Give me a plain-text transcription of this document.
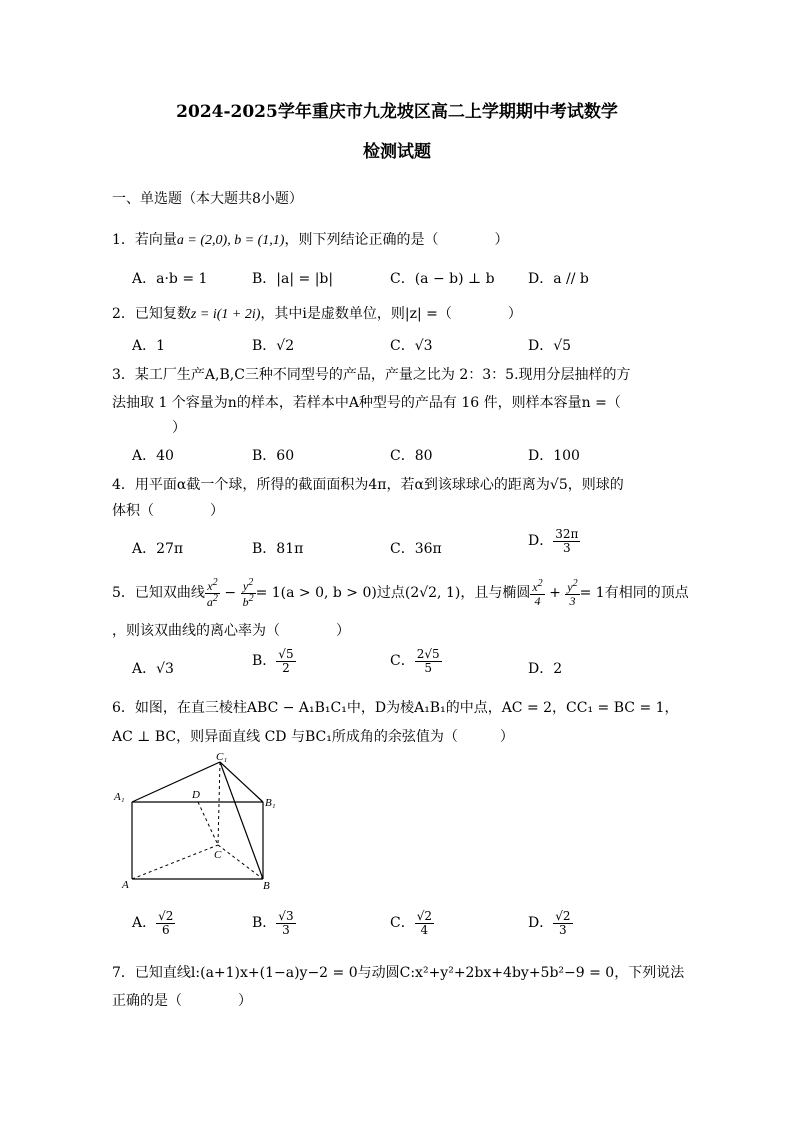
2024-2025学年重庆市九龙坡区高二上学期期中考试数学
检测试题
一、单选题（本大题共8小题）
1．若向量a = (2,0), b = (1,1)，则下列结论正确的是（　　　　）
A．a·b = 1	B．|a| = |b|	C．(a − b) ⊥ b D．a // b
2．已知复数z = i(1 + 2i)，其中i是虚数单位，则|z| =（　　　　）
A．1	B．√2	C．√3	D．√5
3．某工厂生产A,B,C三种不同型号的产品，产量之比为 2：3：5.现用分层抽样的方
法抽取 1 个容量为n的样本，若样本中A种型号的产品有 16 件，则样本容量n =（
）
A．40	B．60	C．80	D．100
4．用平面α截一个球，所得的截面面积为4π，若α到该球球心的距离为√5，则球的
体积（　　　　）
A．27π	B．81π	C．36π	D． $\frac{32\pi}{3}$
5．已知双曲线 $\frac{x^2}{a^2} - \frac{y^2}{b^2} = 1(a > 0$, b > 0)过点(2√2, 1)，且与椭圆 $\frac{x^2}{4} + \frac{y^2}{3} = 1$有相同的顶点
，则该双曲线的离心率为（　　　　）
A．√3	B． $\frac{√5}{2}$	C． $\frac{2√5}{5}$	D．2
6．如图，在直三棱柱ABC − A₁B₁C₁中，D为棱A₁B₁的中点，AC = 2，CC₁ = BC = 1，
AC ⊥ BC，则异面直线 CD 与BC₁所成角的余弦值为（　　　）
C₁
A₁	B₁
D
C
A	B
A． $\frac{√2}{6}$	B． $\frac{√3}{3}$	C． $\frac{√2}{4}$	D． $\frac{√2}{3}$
7．已知直线l:(a+1)x+(1−a)y−2 = 0与动圆C:x²+y²+2bx+4by+5b²−9 = 0，下列说法
正确的是（　　　　）
